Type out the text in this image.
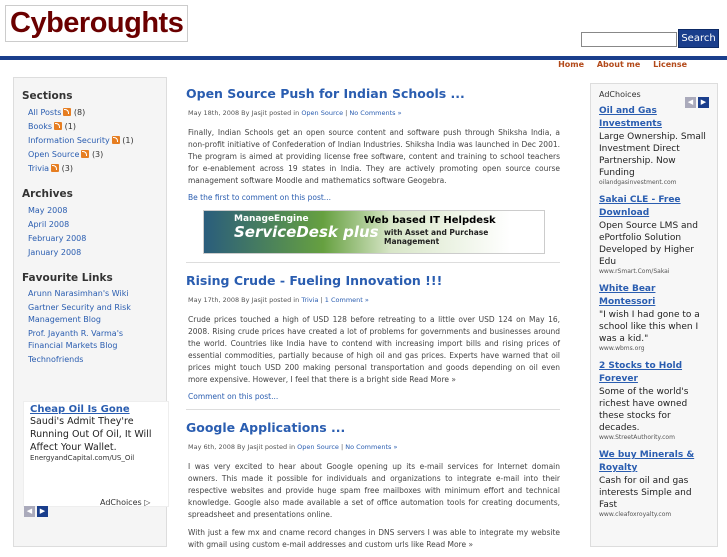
Cyberoughts	Search
Home About me License
Sections
All Posts (8)
Books (1)
Information Security (1)
Open Source (3)
Trivia (3)
Archives
May 2008
April 2008
February 2008
January 2008
Favourite Links
Arunn Narasimhan's Wiki
Gartner Security and Risk Management Blog
Prof. Jayanth R. Varma's Financial Markets Blog
Technofriends
Cheap Oil Is Gone
Saudi's Admit They're Running Out Of Oil, It Will Affect Your Wallet.
EnergyandCapital.com/US_Oil
◀ ▶
AdChoices ▷
Open Source Push for Indian Schools ...
May 18th, 2008 By Jasjit posted in Open Source | No Comments »

Finally, Indian Schools get an open source content and software push through Shiksha India, a non-profit initiative of Confederation of Indian Industries. Shiksha India was launched in Dec 2001. The program is aimed at providing license free software, content and training to school teachers for e-enablement across 19 states in India. They are actively promoting open source course management software Moodle and mathematics software Geogebra.

Be the first to comment on this post...
ManageEngine
ServiceDesk plus
Web based IT Helpdesk
with Asset and Purchase Management
Rising Crude - Fueling Innovation !!!
May 17th, 2008 By Jasjit posted in Trivia | 1 Comment »

Crude prices touched a high of USD 128 before retreating to a little over USD 124 on May 16, 2008. Rising crude prices have created a lot of problems for governments and businesses around the world. Countries like India have to contend with increasing import bills and rising prices of essential commodities, partially because of high oil and gas prices. Experts have warned that oil prices might touch USD 200 making personal transportation and goods depending on oil even more expensive. However, I feel that there is a bright side Read More »

Comment on this post...
Google Applications ...
May 6th, 2008 By Jasjit posted in Open Source | No Comments »

I was very excited to hear about Google opening up its e-mail services for Internet domain owners. This made it possible for individuals and organizations to integrate e-mail into their respective websites and provide huge spam free mailboxes with minimum effort and technical knowledge. Google also made available a set of office automation tools for creating documents, spreadsheet and presentations online.

With just a few mx and cname record changes in DNS servers I was able to integrate my website with gmail using custom e-mail addresses and custom urls like Read More »

AdChoices
◀ ▶
Oil and Gas Investments
Large Ownership. Small Investment Direct Partnership. Now Funding
oilandgasinvestment.com
Sakai CLE - Free Download
Open Source LMS and ePortfolio Solution Developed by Higher Edu
www.rSmart.Com/Sakai
White Bear Montessori
"I wish I had gone to a school like this when I was a kid."
www.wbms.org
2 Stocks to Hold Forever
Some of the world's richest have owned these stocks for decades.
www.StreetAuthority.com
We buy Minerals & Royalty
Cash for oil and gas interests Simple and Fast
www.cleafoxroyalty.com
